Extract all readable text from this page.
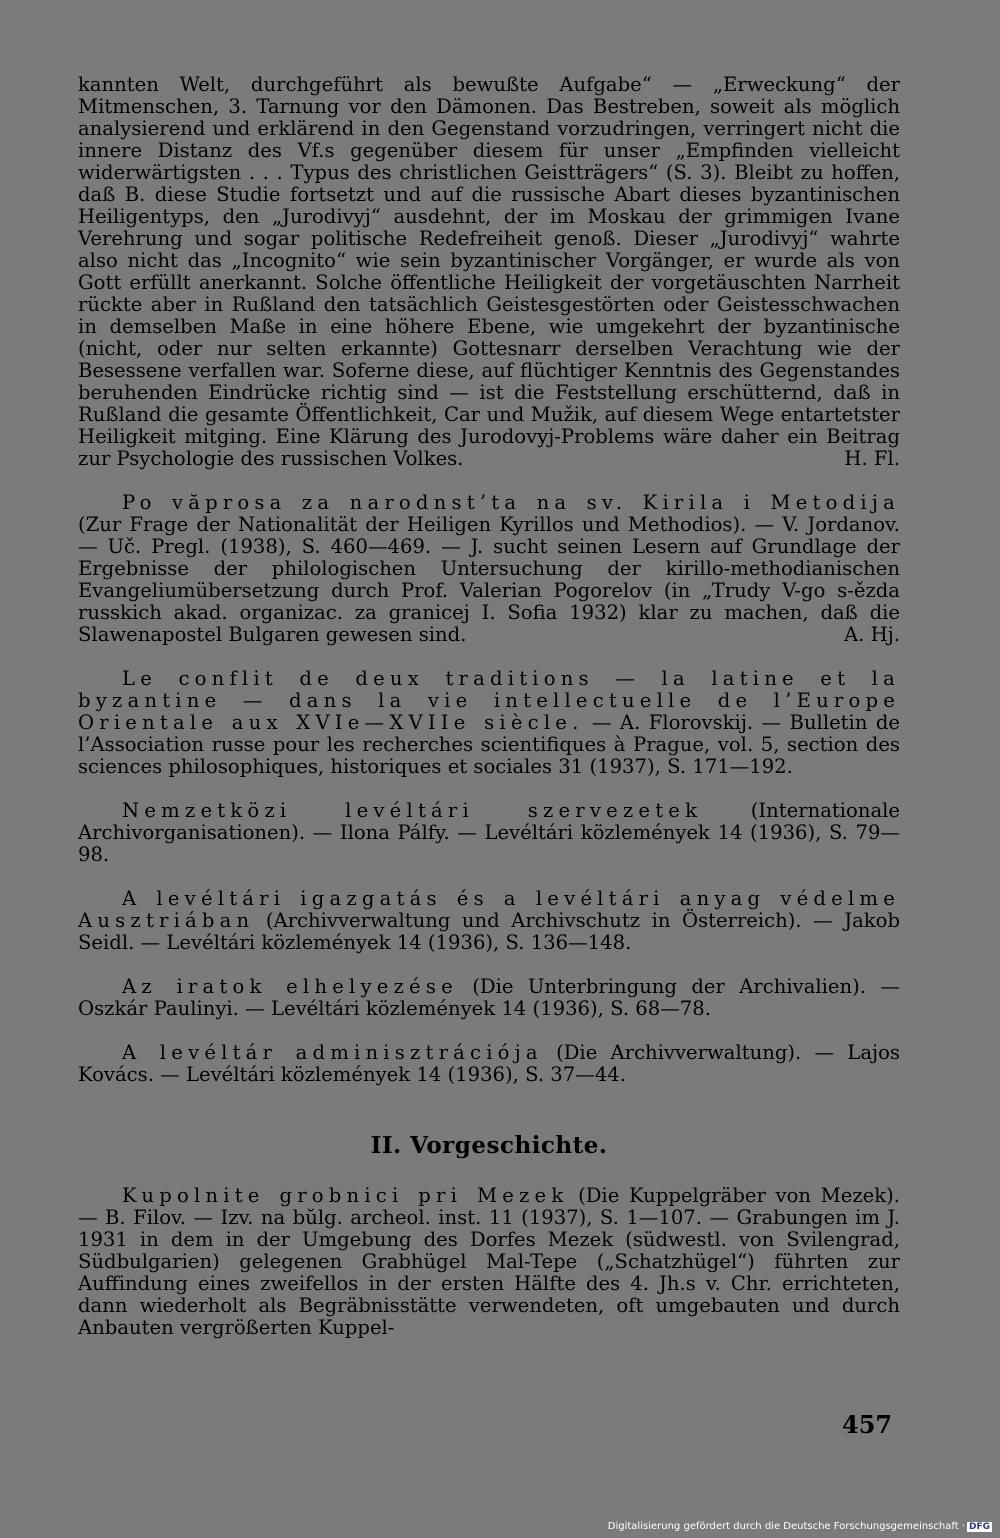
kannten Welt, durchgeführt als bewußte Aufgabe“ — „Erweckung“ der Mitmenschen, 3. Tarnung vor den Dämonen. Das Bestreben, soweit als möglich analysierend und erklärend in den Gegenstand vorzudringen, verringert nicht die innere Distanz des Vf.s gegenüber diesem für unser „Empfinden vielleicht widerwärtigsten . . . Typus des christlichen Geistträgers“ (S. 3). Bleibt zu hoffen, daß B. diese Studie fortsetzt und auf die russische Abart dieses byzantinischen Heiligentyps, den „Jurodivyj“ ausdehnt, der im Moskau der grimmigen Ivane Verehrung und sogar politische Redefreiheit genoß. Dieser „Jurodivyj“ wahrte also nicht das „Incognito“ wie sein byzantinischer Vorgänger, er wurde als von Gott erfüllt anerkannt. Solche öffentliche Heiligkeit der vorgetäuschten Narrheit rückte aber in Rußland den tatsächlich Geistesgestörten oder Geistesschwachen in demselben Maße in eine höhere Ebene, wie umgekehrt der byzantinische (nicht, oder nur selten erkannte) Gottesnarr derselben Verachtung wie der Besessene verfallen war. Soferne diese, auf flüchtiger Kenntnis des Gegenstandes beruhenden Eindrücke richtig sind — ist die Feststellung erschütternd, daß in Rußland die gesamte Öffentlichkeit, Car und Mužik, auf diesem Wege entartetster Heiligkeit mitging. Eine Klärung des Jurodovyj-Problems wäre daher ein Beitrag zur Psychologie des russischen Volkes.	H. Fl.

Po văprosa za narodnst’ta na sv. Kirila i Metodija (Zur Frage der Nationalität der Heiligen Kyrillos und Methodios). — V. Jordanov. — Uč. Pregl. (1938), S. 460—469. — J. sucht seinen Lesern auf Grundlage der Ergebnisse der philologischen Untersuchung der kirillo-methodianischen Evangeliumübersetzung durch Prof. Valerian Pogorelov (in „Trudy V-go s-ězda russkich akad. organizac. za granicej I. Sofia 1932) klar zu machen, daß die Slawenapostel Bulgaren gewesen sind.	A. Hj.

Le conflit de deux traditions — la latine et la byzantine — dans la vie intellectuelle de l’Europe Orientale aux XVIe—XVIIe siècle. — A. Florovskij. — Bulletin de l’Association russe pour les recherches scientifiques à Prague, vol. 5, section des sciences philosophiques, historiques et sociales 31 (1937), S. 171—192.

Nemzetközi levéltári szervezetek (Internationale Archivorganisationen). — Ilona Pálfy. — Levéltári közlemények 14 (1936), S. 79—98.

A levéltári igazgatás és a levéltári anyag védelme Ausztriában (Archivverwaltung und Archivschutz in Österreich). — Jakob Seidl. — Levéltári közlemények 14 (1936), S. 136—148.

Az iratok elhelyezése (Die Unterbringung der Archivalien). — Oszkár Paulinyi. — Levéltári közlemények 14 (1936), S. 68—78.

A levéltár adminisztrációja (Die Archivverwaltung). — Lajos Kovács. — Levéltári közlemények 14 (1936), S. 37—44.

II. Vorgeschichte.

Kupolnite grobnici pri Mezek (Die Kuppelgräber von Mezek). — B. Filov. — Izv. na bŭlg. archeol. inst. 11 (1937), S. 1—107. — Grabungen im J. 1931 in dem in der Umgebung des Dorfes Mezek (südwestl. von Svilengrad, Südbulgarien) gelegenen Grabhügel Mal-Tepe („Schatzhügel“) führten zur Auffindung eines zweifellos in der ersten Hälfte des 4. Jh.s v. Chr. errichteten, dann wiederholt als Begräbnisstätte verwendeten, oft umgebauten und durch Anbauten vergrößerten Kuppel-

457
Digitalisierung gefördert durch die Deutsche Forschungsgemeinschaft · DFG
